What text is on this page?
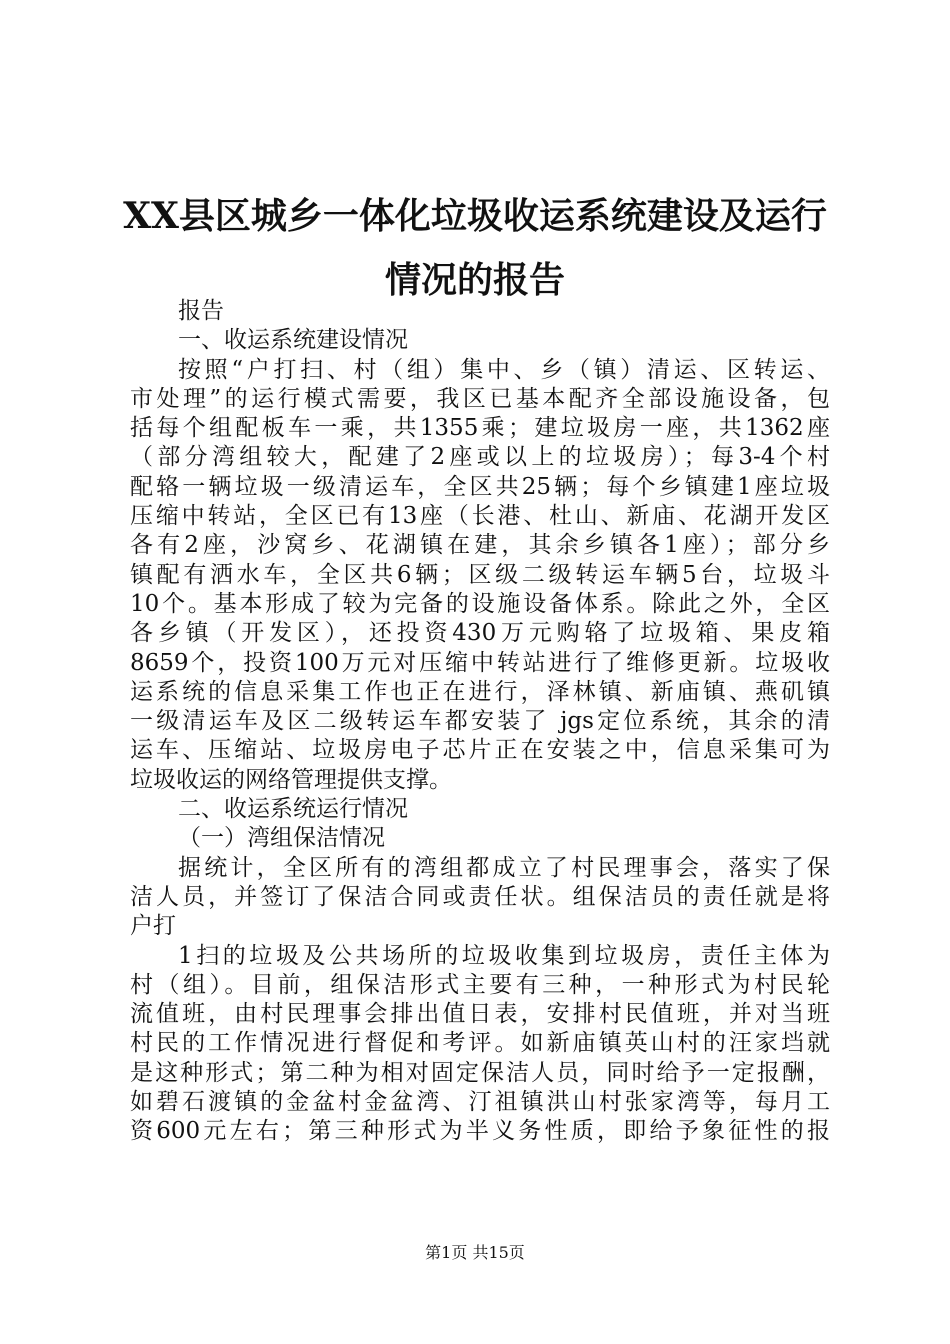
XX县区城乡一体化垃圾收运系统建设及运行
情况的报告
报告
一、收运系统建设情况
按照“户打扫、村（组）集中、乡（镇）清运、区转运、
市处理”的运行模式需要，我区已基本配齐全部设施设备，包
括每个组配板车一乘，共1355乘；建垃圾房一座，共1362座
（部分湾组较大，配建了2座或以上的垃圾房）；每3-4个村
配辂一辆垃圾一级清运车，全区共25辆；每个乡镇建1座垃圾
压缩中转站，全区已有13座（长港、杜山、新庙、花湖开发区
各有2座，沙窝乡、花湖镇在建，其余乡镇各1座）；部分乡
镇配有洒水车，全区共6辆；区级二级转运车辆5台，垃圾斗
10个。基本形成了较为完备的设施设备体系。除此之外，全区
各乡镇（开发区），还投资430万元购辂了垃圾箱、果皮箱
8659个，投资100万元对压缩中转站进行了维修更新。垃圾收
运系统的信息采集工作也正在进行，泽林镇、新庙镇、燕矶镇
一级清运车及区二级转运车都安装了 jgs定位系统，其余的清
运车、压缩站、垃圾房电子芯片正在安装之中，信息采集可为
垃圾收运的网络管理提供支撑。
二、收运系统运行情况
（一）湾组保洁情况
据统计，全区所有的湾组都成立了村民理事会，落实了保
洁人员，并签订了保洁合同或责任状。组保洁员的责任就是将
户打
1扫的垃圾及公共场所的垃圾收集到垃圾房，责任主体为
村（组）。目前，组保洁形式主要有三种，一种形式为村民轮
流值班，由村民理事会排出值日表，安排村民值班，并对当班
村民的工作情况进行督促和考评。如新庙镇英山村的汪家垱就
是这种形式；第二种为相对固定保洁人员，同时给予一定报酬，
如碧石渡镇的金盆村金盆湾、汀祖镇洪山村张家湾等，每月工
资600元左右；第三种形式为半义务性质，即给予象征性的报
第1页 共15页
